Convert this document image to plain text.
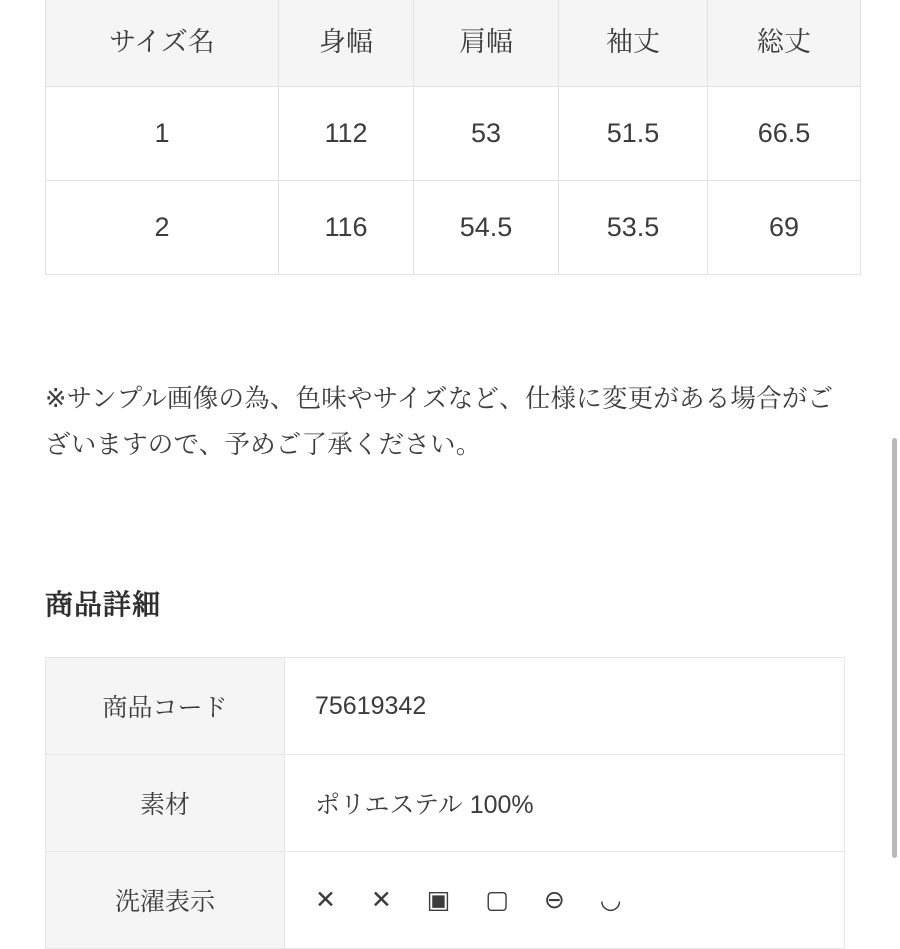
サイズ名	身幅	肩幅	袖丈	総丈
1	112	53	51.5	66.5
2	116	54.5	53.5	69
※サンプル画像の為、色味やサイズなど、仕様に変更がある場合がございますので、予めご了承ください。
商品詳細
商品コード	75619342
素材	ポリエステル 100%
洗濯表示	✕ ✕ ▣ ▢ ⊖ ◡
